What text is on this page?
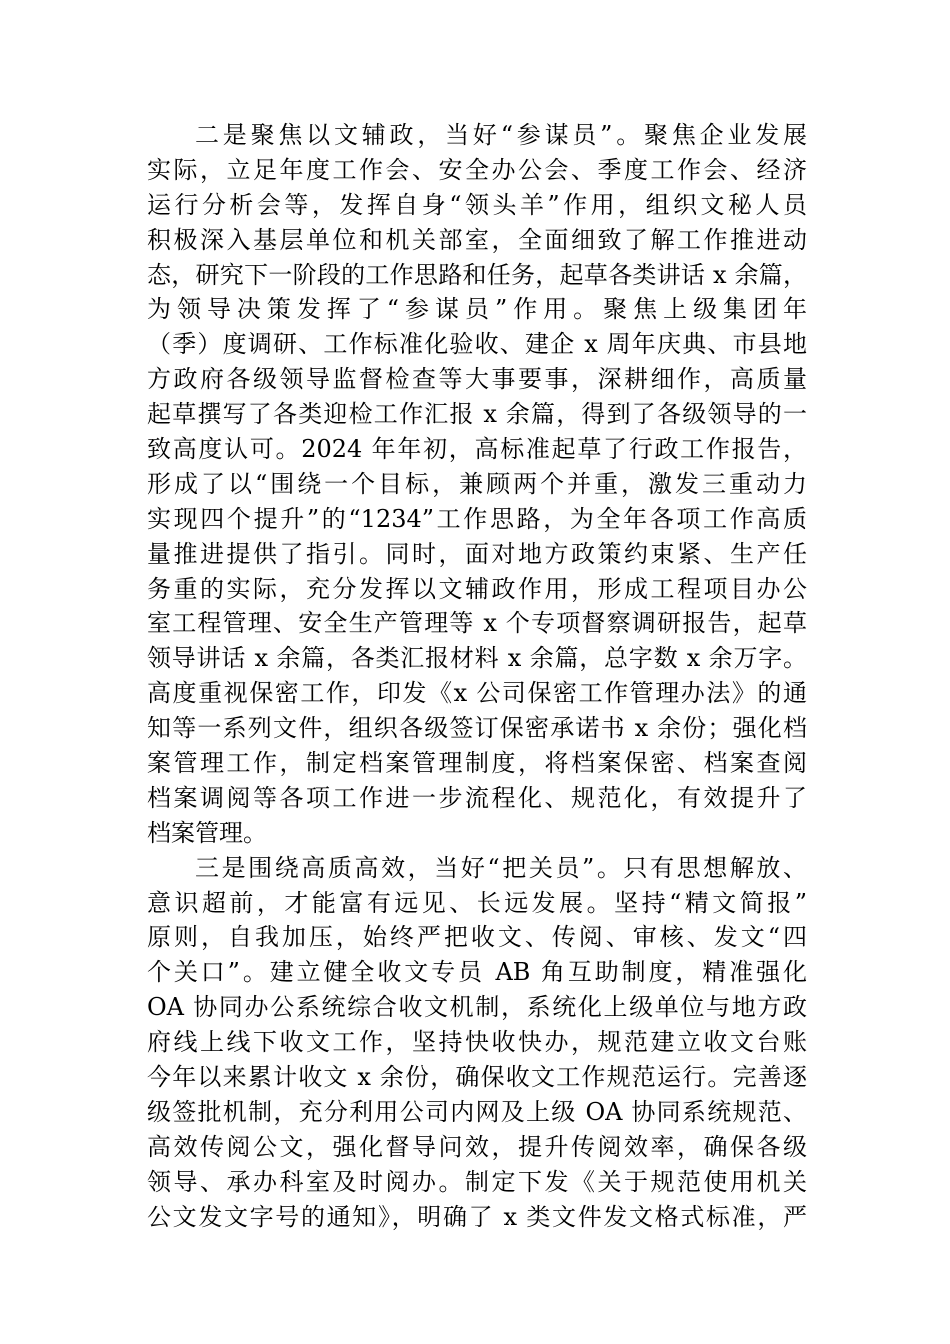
二是聚焦以文辅政，当好“参谋员”。聚焦企业发展
实际，立足年度工作会、安全办公会、季度工作会、经济
运行分析会等，发挥自身“领头羊”作用，组织文秘人员
积极深入基层单位和机关部室，全面细致了解工作推进动
态，研究下一阶段的工作思路和任务，起草各类讲话 x 余篇，
为领导决策发挥了“参谋员”作用。聚焦上级集团年
（季）度调研、工作标准化验收、建企 x 周年庆典、市县地
方政府各级领导监督检查等大事要事，深耕细作，高质量
起草撰写了各类迎检工作汇报 x 余篇，得到了各级领导的一
致高度认可。2024 年年初，高标准起草了行政工作报告，
形成了以“围绕一个目标，兼顾两个并重，激发三重动力
实现四个提升”的“1234”工作思路，为全年各项工作高质
量推进提供了指引。同时，面对地方政策约束紧、生产任
务重的实际，充分发挥以文辅政作用，形成工程项目办公
室工程管理、安全生产管理等 x 个专项督察调研报告，起草
领导讲话 x 余篇，各类汇报材料 x 余篇，总字数 x 余万字。
高度重视保密工作，印发《x 公司保密工作管理办法》的通
知等一系列文件，组织各级签订保密承诺书 x 余份；强化档
案管理工作，制定档案管理制度，将档案保密、档案查阅
档案调阅等各项工作进一步流程化、规范化，有效提升了
档案管理。
三是围绕高质高效，当好“把关员”。只有思想解放、
意识超前，才能富有远见、长远发展。坚持“精文简报”
原则，自我加压，始终严把收文、传阅、审核、发文“四
个关口”。建立健全收文专员 AB 角互助制度，精准强化
OA 协同办公系统综合收文机制，系统化上级单位与地方政
府线上线下收文工作，坚持快收快办，规范建立收文台账
今年以来累计收文 x 余份，确保收文工作规范运行。完善逐
级签批机制，充分利用公司内网及上级 OA 协同系统规范、
高效传阅公文，强化督导问效，提升传阅效率，确保各级
领导、承办科室及时阅办。制定下发《关于规范使用机关
公文发文字号的通知》，明确了 x 类文件发文格式标准，严
